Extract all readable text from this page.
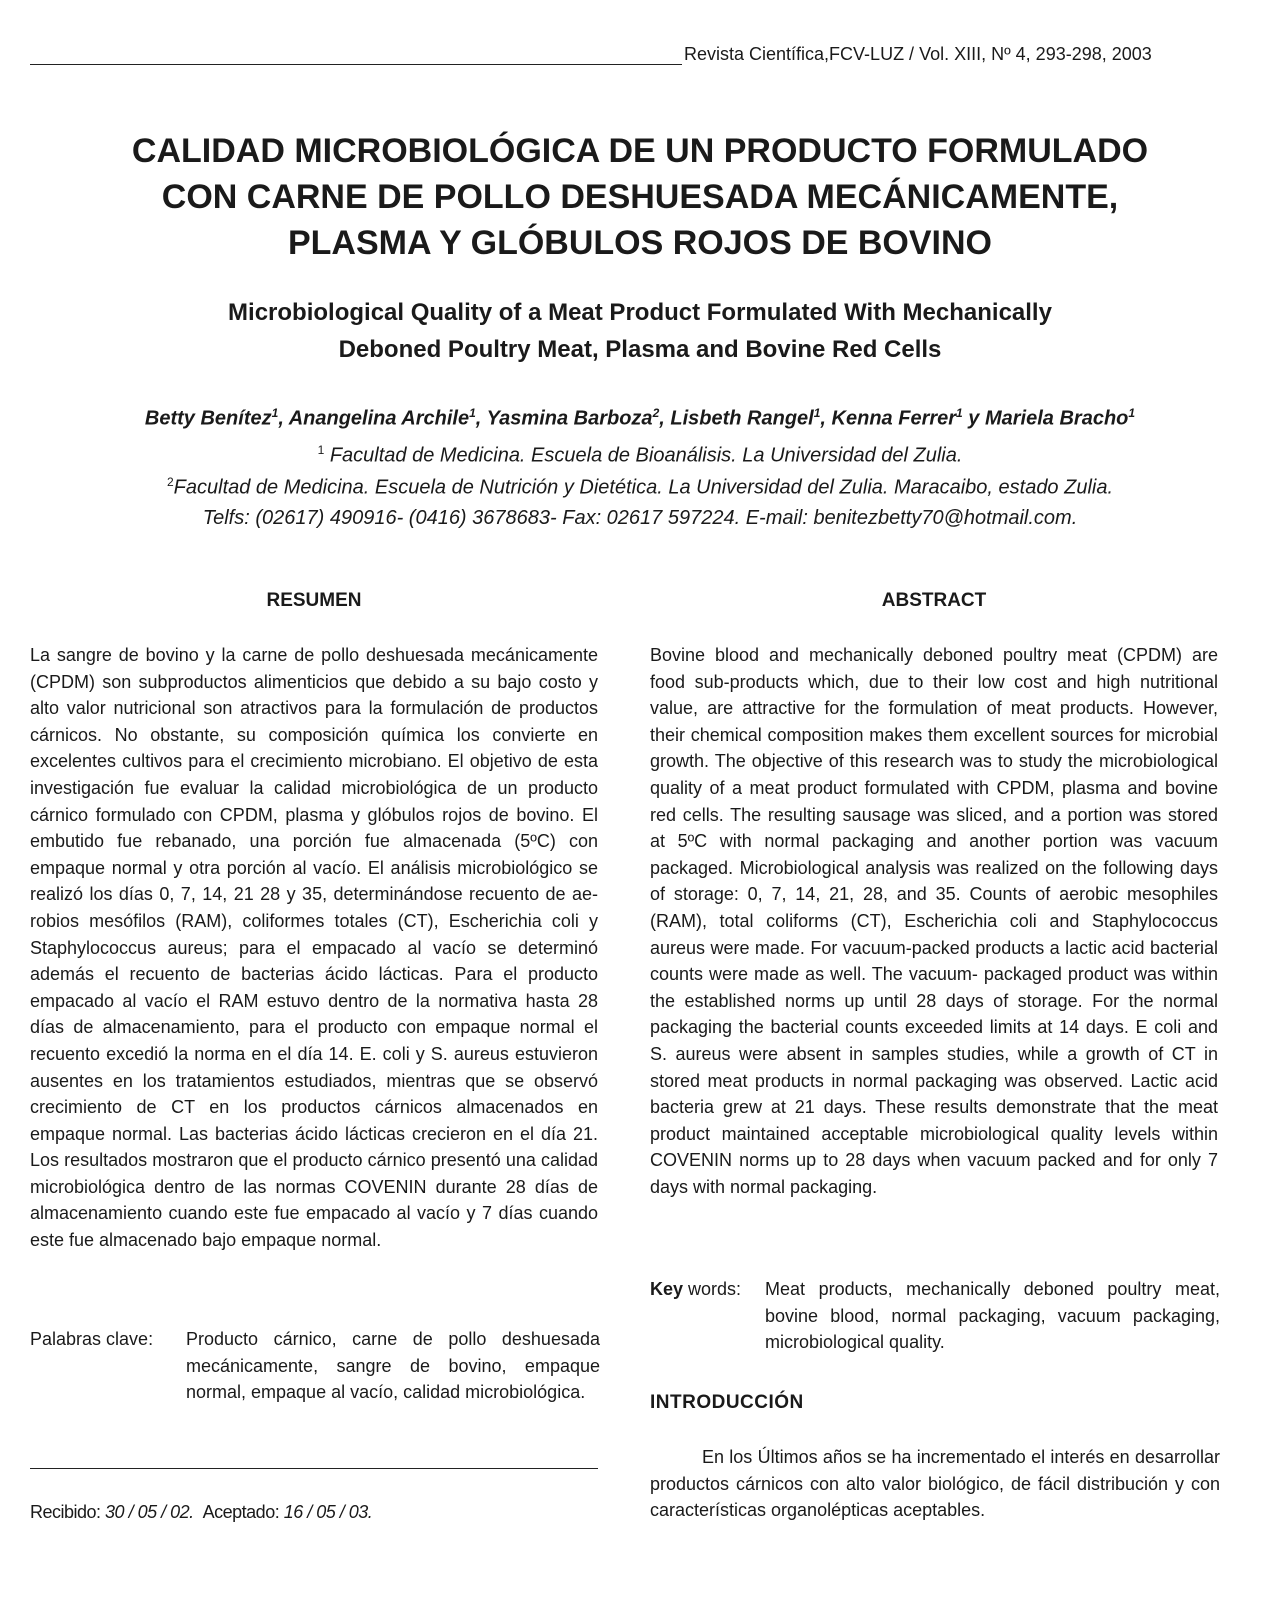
Revista Científica,FCV-LUZ / Vol. XIII, Nº 4, 293-298, 2003
CALIDAD MICROBIOLÓGICA DE UN PRODUCTO FORMULADO
CON CARNE DE POLLO DESHUESADA MECÁNICAMENTE,
PLASMA Y GLÓBULOS ROJOS DE BOVINO
Microbiological Quality of a Meat Product Formulated With Mechanically
Deboned Poultry Meat, Plasma and Bovine Red Cells
Betty Benítez$^1$, Anangelina Archile$^1$, Yasmina Barboza$^2$, Lisbeth Rangel$^1$, Kenna Ferrer$^1$ y Mariela Bracho$^1$
$^1$ Facultad de Medicina. Escuela de Bioanálisis. La Universidad del Zulia.
$^2$Facultad de Medicina. Escuela de Nutrición y Dietética. La Universidad del Zulia. Maracaibo, estado Zulia.
Telfs: (02617) 490916- (0416) 3678683- Fax: 02617 597224. E-mail: benitezbetty70@hotmail.com.
RESUMEN	ABSTRACT
La sangre de bovino y la carne de pollo deshuesada mecánicamente (CPDM) son subproductos alimenticios que debido a su bajo costo y alto valor nutricional son atractivos para la formulación de productos cárnicos. No obstante, su composición química los convierte en excelentes cultivos para el crecimiento microbiano. El objetivo de esta investigación fue evaluar la calidad microbiológica de un producto cárnico formulado con CPDM, plasma y glóbulos rojos de bovino. El embutido fue rebanado, una porción fue almacenada (5ºC) con empaque normal y otra porción al vacío. El análisis microbiológico se realizó los días 0, 7, 14, 21 28 y 35, determinándose recuento de aerobios mesófilos (RAM), coliformes totales (CT), Escherichia coli y Staphylococcus aureus; para el empacado al vacío se determinó además el recuento de bacterias ácido lácticas. Para el producto empacado al vacío el RAM estuvo dentro de la normativa hasta 28 días de almacenamiento, para el producto con empaque normal el recuento excedió la norma en el día 14. E. coli y S. aureus estuvieron ausentes en los tratamientos estudiados, mientras que se observó crecimiento de CT en los productos cárnicos almacenados en empaque normal. Las bacterias ácido lácticas crecieron en el día 21. Los resultados mostraron que el producto cárnico presentó una calidad microbiológica dentro de las normas COVENIN durante 28 días de almacenamiento cuando este fue empacado al vacío y 7 días cuando este fue almacenado bajo empaque normal.
Bovine blood and mechanically deboned poultry meat (CPDM) are food sub-products which, due to their low cost and high nutritional value, are attractive for the formulation of meat products. However, their chemical composition makes them excellent sources for microbial growth. The objective of this research was to study the microbiological quality of a meat product formulated with CPDM, plasma and bovine red cells. The resulting sausage was sliced, and a portion was stored at 5ºC with normal packaging and another portion was vacuum packaged. Microbiological analysis was realized on the following days of storage: 0, 7, 14, 21, 28, and 35. Counts of aerobic mesophiles (RAM), total coliforms (CT), Escherichia coli and Staphylococcus aureus were made. For vacuum-packed products a lactic acid bacterial counts were made as well. The vacuum- packaged product was within the established norms up until 28 days of storage. For the normal packaging the bacterial counts exceeded limits at 14 days. E coli and S. aureus were absent in samples studies, while a growth of CT in stored meat products in normal packaging was observed. Lactic acid bacteria grew at 21 days. These results demonstrate that the meat product maintained acceptable microbiological quality levels within COVENIN norms up to 28 days when vacuum packed and for only 7 days with normal packaging.
Palabras clave:	Producto cárnico, carne de pollo deshuesada mecánicamente, sangre de bovino, empaque normal, empaque al vacío, calidad microbiológica.
Key words:	Meat products, mechanically deboned poultry meat, bovine blood, normal packaging, vacuum packaging, microbiological quality.
INTRODUCCIÓN
En los Últimos años se ha incrementado el interés en desarrollar productos cárnicos con alto valor biológico, de fácil distribución y con características organolépticas aceptables.
Recibido: 30 / 05 / 02. Aceptado: 16 / 05 / 03.
